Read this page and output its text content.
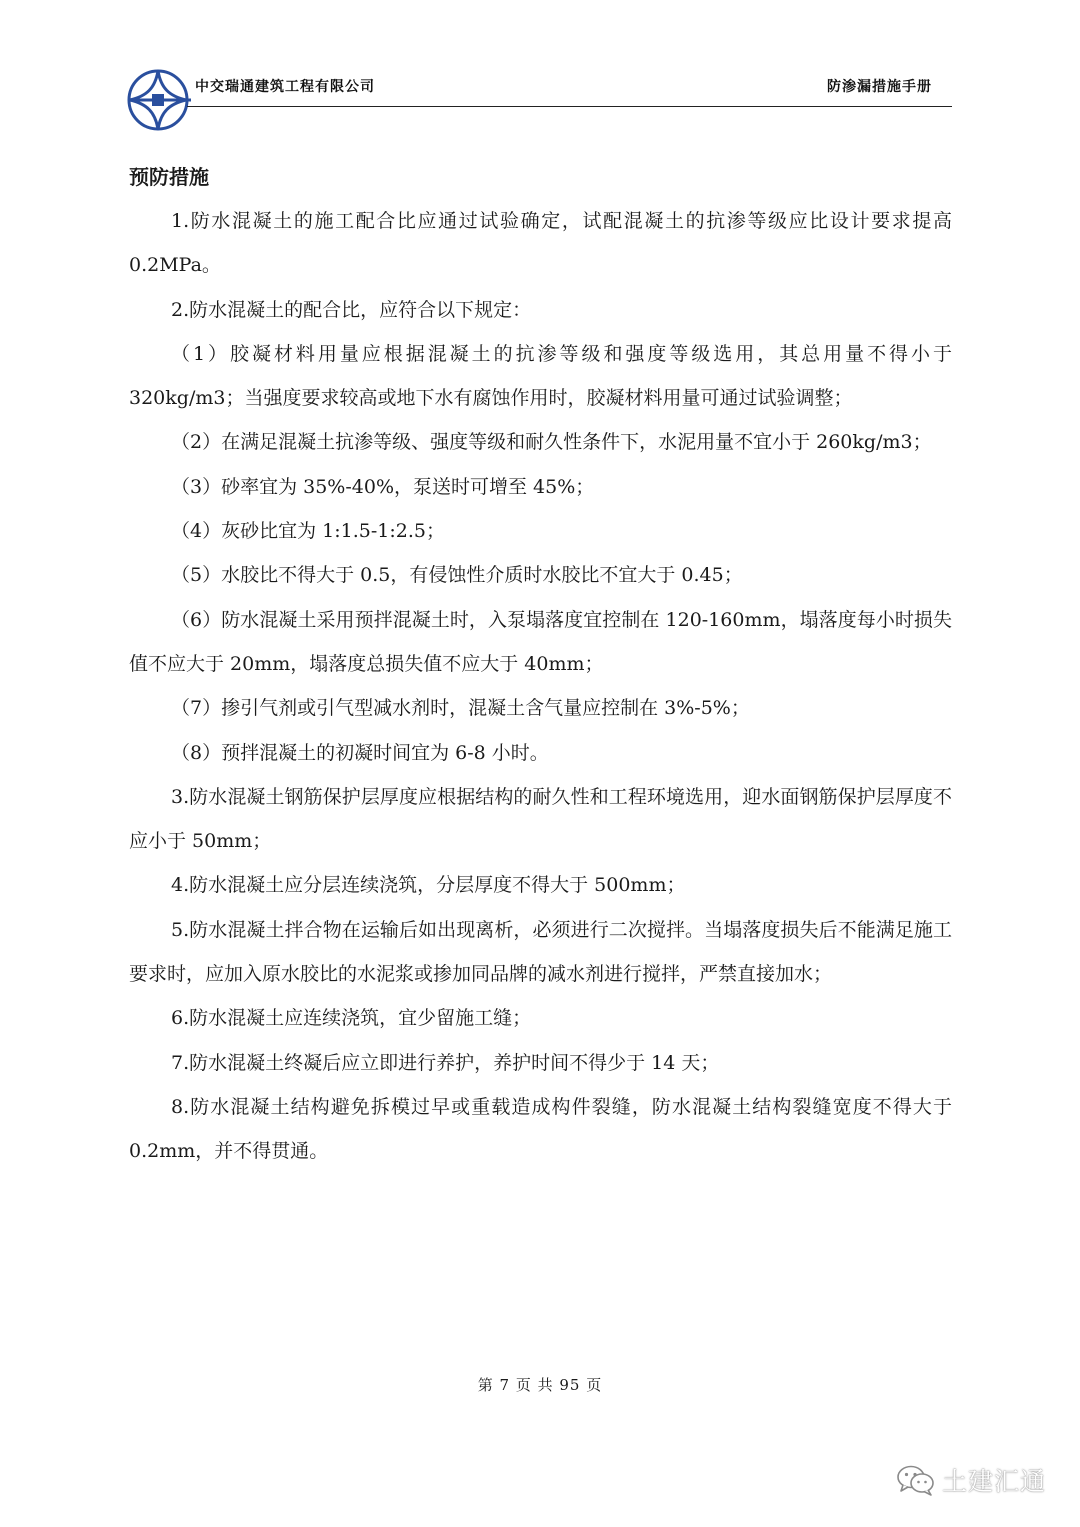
中交瑞通建筑工程有限公司	防渗漏措施手册
预防措施

1.防水混凝土的施工配合比应通过试验确定，试配混凝土的抗渗等级应比设计要求提高 0.2MPa。

2.防水混凝土的配合比，应符合以下规定：

（1）胶凝材料用量应根据混凝土的抗渗等级和强度等级选用，其总用量不得小于 320kg/m3；当强度要求较高或地下水有腐蚀作用时，胶凝材料用量可通过试验调整；

（2）在满足混凝土抗渗等级、强度等级和耐久性条件下，水泥用量不宜小于 260kg/m3；

（3）砂率宜为 35%-40%，泵送时可增至 45%；

（4）灰砂比宜为 1:1.5-1:2.5；

（5）水胶比不得大于 0.5，有侵蚀性介质时水胶比不宜大于 0.45；

（6）防水混凝土采用预拌混凝土时，入泵塌落度宜控制在 120-160mm，塌落度每小时损失值不应大于 20mm，塌落度总损失值不应大于 40mm；

（7）掺引气剂或引气型减水剂时，混凝土含气量应控制在 3%-5%；

（8）预拌混凝土的初凝时间宜为 6-8 小时。

3.防水混凝土钢筋保护层厚度应根据结构的耐久性和工程环境选用，迎水面钢筋保护层厚度不应小于 50mm；

4.防水混凝土应分层连续浇筑，分层厚度不得大于 500mm；

5.防水混凝土拌合物在运输后如出现离析，必须进行二次搅拌。当塌落度损失后不能满足施工要求时，应加入原水胶比的水泥浆或掺加同品牌的减水剂进行搅拌，严禁直接加水；

6.防水混凝土应连续浇筑，宜少留施工缝；

7.防水混凝土终凝后应立即进行养护，养护时间不得少于 14 天；

8.防水混凝土结构避免拆模过早或重载造成构件裂缝，防水混凝土结构裂缝宽度不得大于 0.2mm，并不得贯通。

第 7 页 共 95 页
土建汇通
